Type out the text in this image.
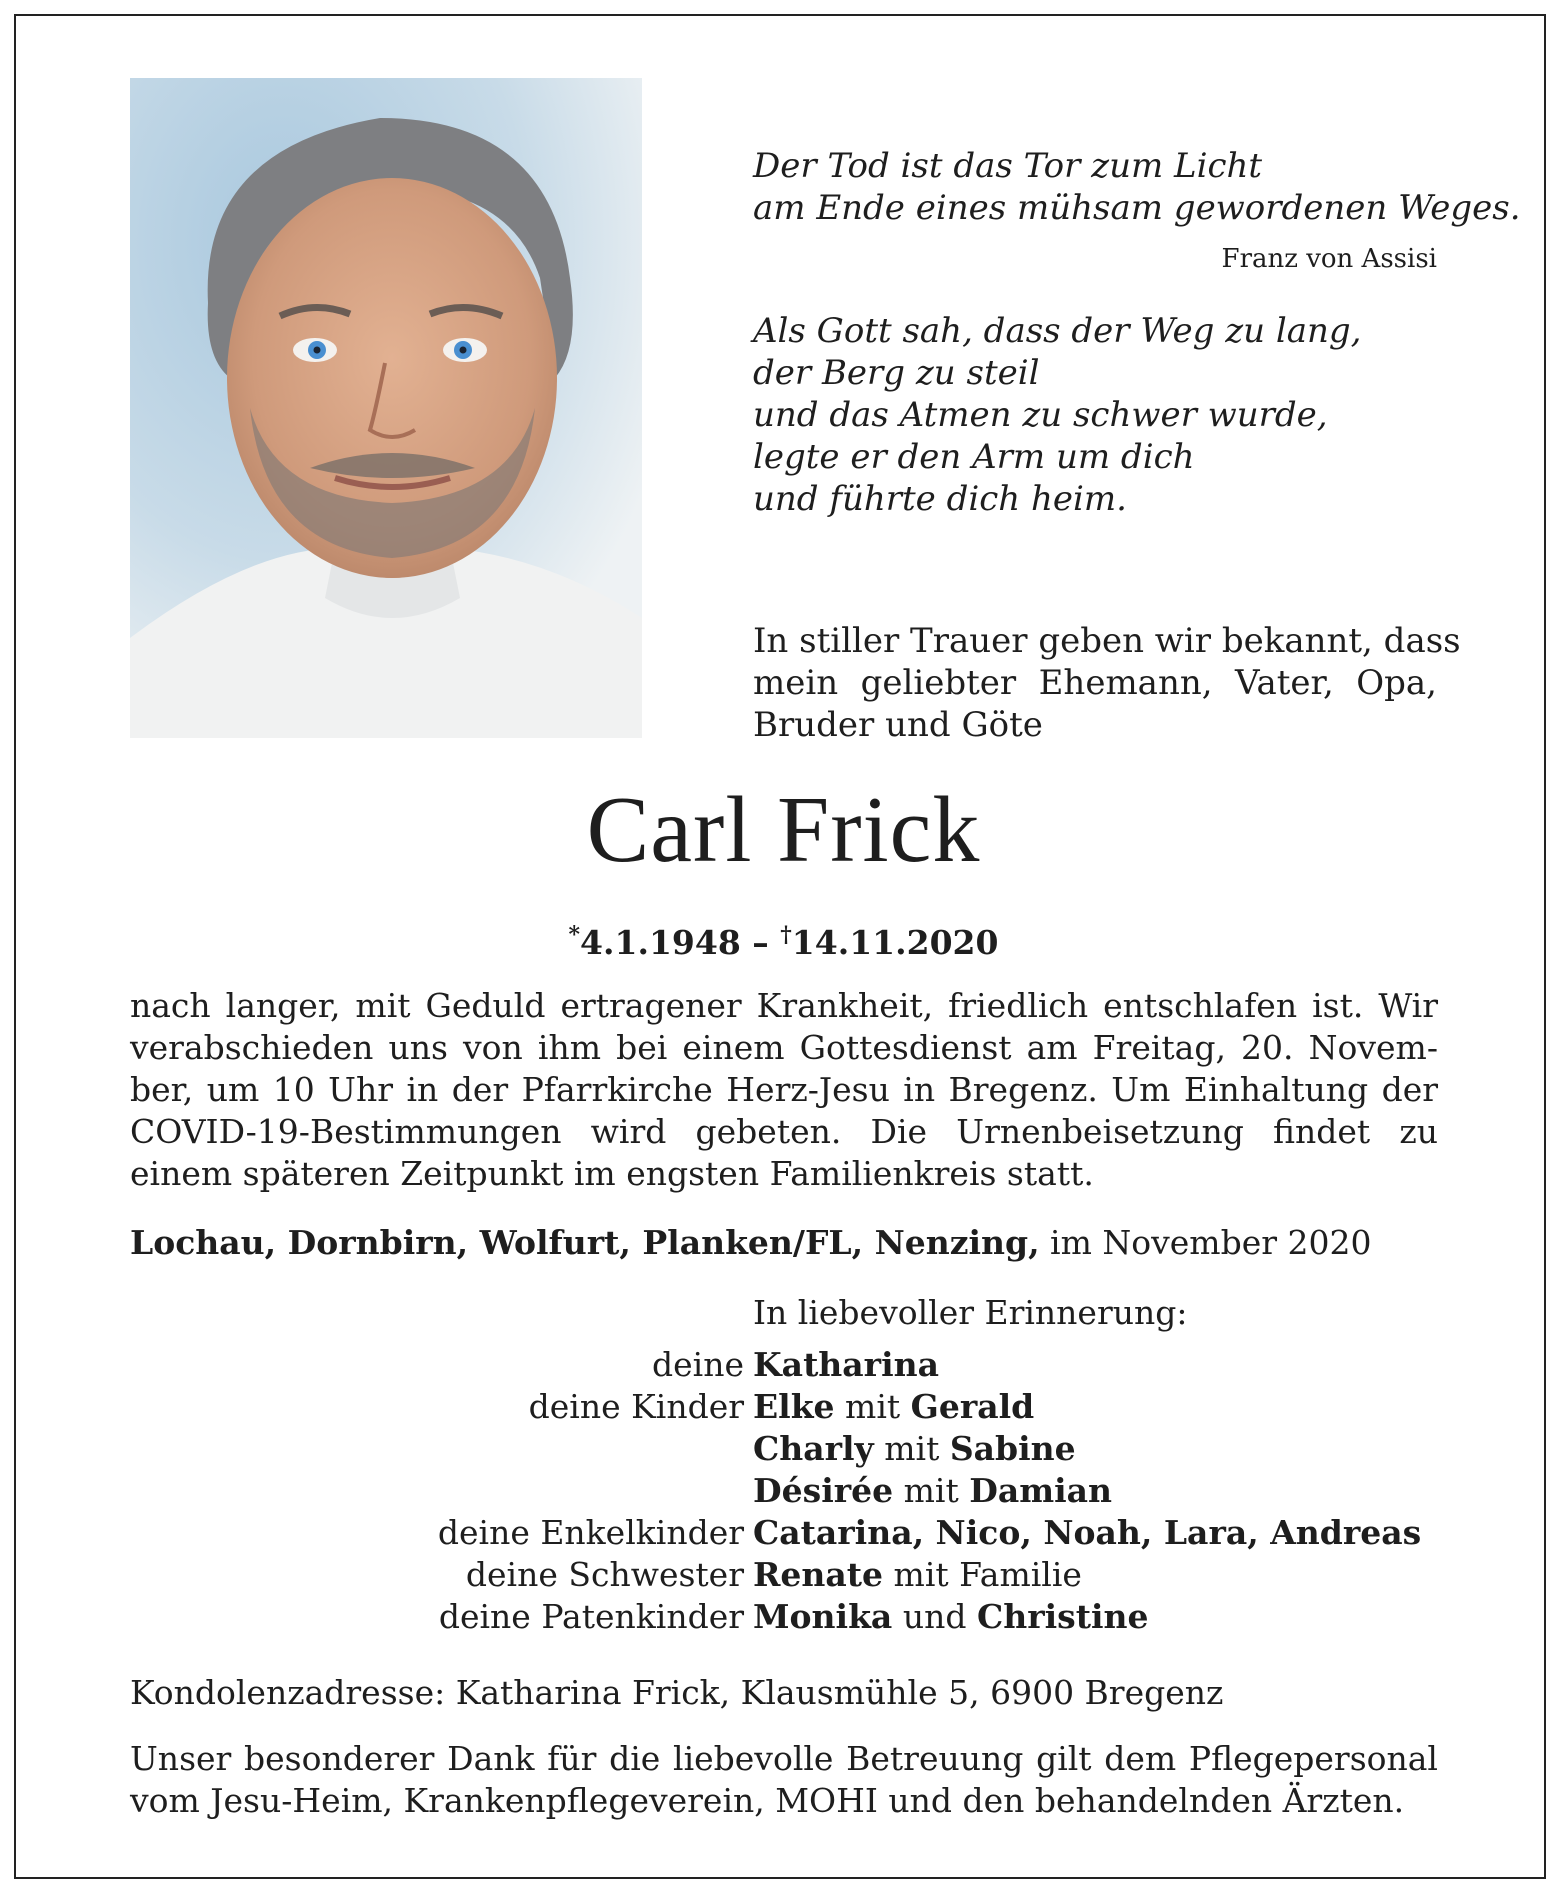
Der Tod ist das Tor zum Licht
am Ende eines mühsam gewordenen Weges.
Franz von Assisi
Als Gott sah, dass der Weg zu lang,
der Berg zu steil
und das Atmen zu schwer wurde,
legte er den Arm um dich
und führte dich heim.
In stiller Trauer geben wir bekannt, dass
mein geliebter Ehemann, Vater, Opa,
Bruder und Göte
Carl Frick
*4.1.1948 – †14.11.2020
nach langer, mit Geduld ertragener Krankheit, friedlich entschlafen ist. Wir
verabschieden uns von ihm bei einem Gottesdienst am Freitag, 20. Novem-
ber, um 10 Uhr in der Pfarrkirche Herz-Jesu in Bregenz. Um Einhaltung der
COVID-19-Bestimmungen wird gebeten. Die Urnenbeisetzung findet zu
einem späteren Zeitpunkt im engsten Familienkreis statt.
Lochau, Dornbirn, Wolfurt, Planken/FL, Nenzing, im November 2020
In liebevoller Erinnerung:
deine Katharina
deine Kinder Elke mit Gerald
Charly mit Sabine
Désirée mit Damian
deine Enkelkinder Catarina, Nico, Noah, Lara, Andreas
deine Schwester Renate mit Familie
deine Patenkinder Monika und Christine
Kondolenzadresse: Katharina Frick, Klausmühle 5, 6900 Bregenz
Unser besonderer Dank für die liebevolle Betreuung gilt dem Pflegepersonal
vom Jesu-Heim, Krankenpflegeverein, MOHI und den behandelnden Ärzten.
